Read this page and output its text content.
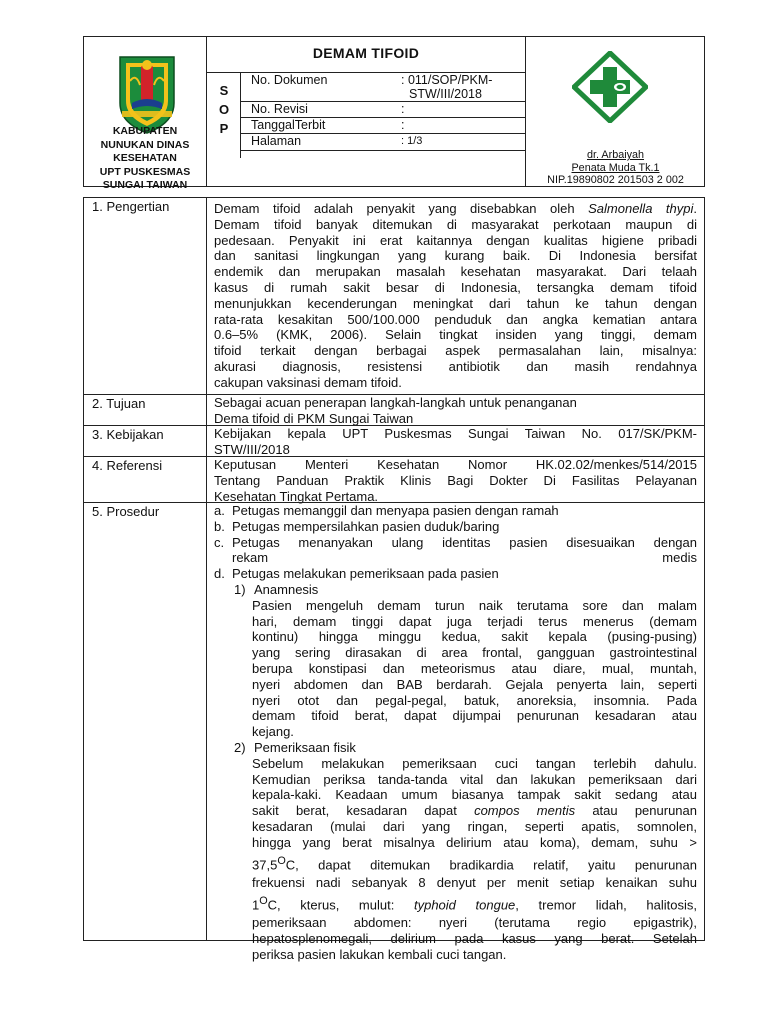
KABUPATEN
NUNUKAN DINAS
KESEHATAN
UPT PUSKESMAS
SUNGAI TAIWAN
DEMAM TIFOID
S
O
P
No. Dokumen	: 011/SOP/PKM-
STW/III/2018
No. Revisi	:
TanggalTerbit	:
Halaman	: 1/3
dr. Arbaiyah
Penata Muda Tk.1
NIP.19890802 201503 2 002
1. Pengertian	Demam tifoid adalah penyakit yang disebabkan oleh Salmonella thypi.

Demam tifoid banyak ditemukan di masyarakat perkotaan maupun di

pedesaan. Penyakit ini erat kaitannya dengan kualitas higiene pribadi

dan sanitasi lingkungan yang kurang baik. Di Indonesia bersifat

endemik dan merupakan masalah kesehatan masyarakat. Dari telaah

kasus di rumah sakit besar di Indonesia, tersangka demam tifoid

menunjukkan kecenderungan meningkat dari tahun ke tahun dengan

rata-rata kesakitan 500/100.000 penduduk dan angka kematian antara

0.6–5% (KMK, 2006). Selain tingkat insiden yang tinggi, demam

tifoid terkait dengan berbagai aspek permasalahan lain, misalnya:

akurasi diagnosis, resistensi antibiotik dan masih rendahnya

cakupan vaksinasi demam tifoid.

2. Tujuan	Sebagai acuan penerapan langkah-langkah untuk penanganan

Dema tifoid di PKM Sungai Taiwan

3. Kebijakan	Kebijakan kepala UPT Puskesmas Sungai Taiwan No. 017/SK/PKM-

STW/III/2018

4. Referensi	Keputusan Menteri Kesehatan Nomor HK.02.02/menkes/514/2015

Tentang Panduan Praktik Klinis Bagi Dokter Di Fasilitas Pelayanan

Kesehatan Tingkat Pertama.

5. Prosedur	a. Petugas memanggil dan menyapa pasien dengan ramah
b. Petugas mempersilahkan pasien duduk/baring
c. Petugas menanyakan ulang identitas pasien disesuaikan dengan

rekam medis

d. Petugas melakukan pemeriksaan pada pasien
1) Anamnesis

Pasien mengeluh demam turun naik terutama sore dan malam

hari, demam tinggi dapat juga terjadi terus menerus (demam

kontinu) hingga minggu kedua, sakit kepala (pusing-pusing)

yang sering dirasakan di area frontal, gangguan gastrointestinal

berupa konstipasi dan meteorismus atau diare, mual, muntah,

nyeri abdomen dan BAB berdarah. Gejala penyerta lain, seperti

nyeri otot dan pegal-pegal, batuk, anoreksia, insomnia. Pada

demam tifoid berat, dapat dijumpai penurunan kesadaran atau

kejang.

2) Pemeriksaan fisik

Sebelum melakukan pemeriksaan cuci tangan terlebih dahulu.

Kemudian periksa tanda-tanda vital dan lakukan pemeriksaan dari

kepala-kaki. Keadaan umum biasanya tampak sakit sedang atau

sakit berat, kesadaran dapat compos mentis atau penurunan

kesadaran (mulai dari yang ringan, seperti apatis, somnolen,

hingga yang berat misalnya delirium atau koma), demam, suhu >

$37,5^OC$, dapat ditemukan bradikardia relatif, yaitu penurunan

frekuensi nadi sebanyak 8 denyut per menit setiap kenaikan suhu

$1^OC$, kterus, mulut: typhoid tongue, tremor lidah, halitosis,

pemeriksaan abdomen: nyeri (terutama regio epigastrik),

hepatosplenomegali, delirium pada kasus yang berat. Setelah

periksa pasien lakukan kembali cuci tangan.
